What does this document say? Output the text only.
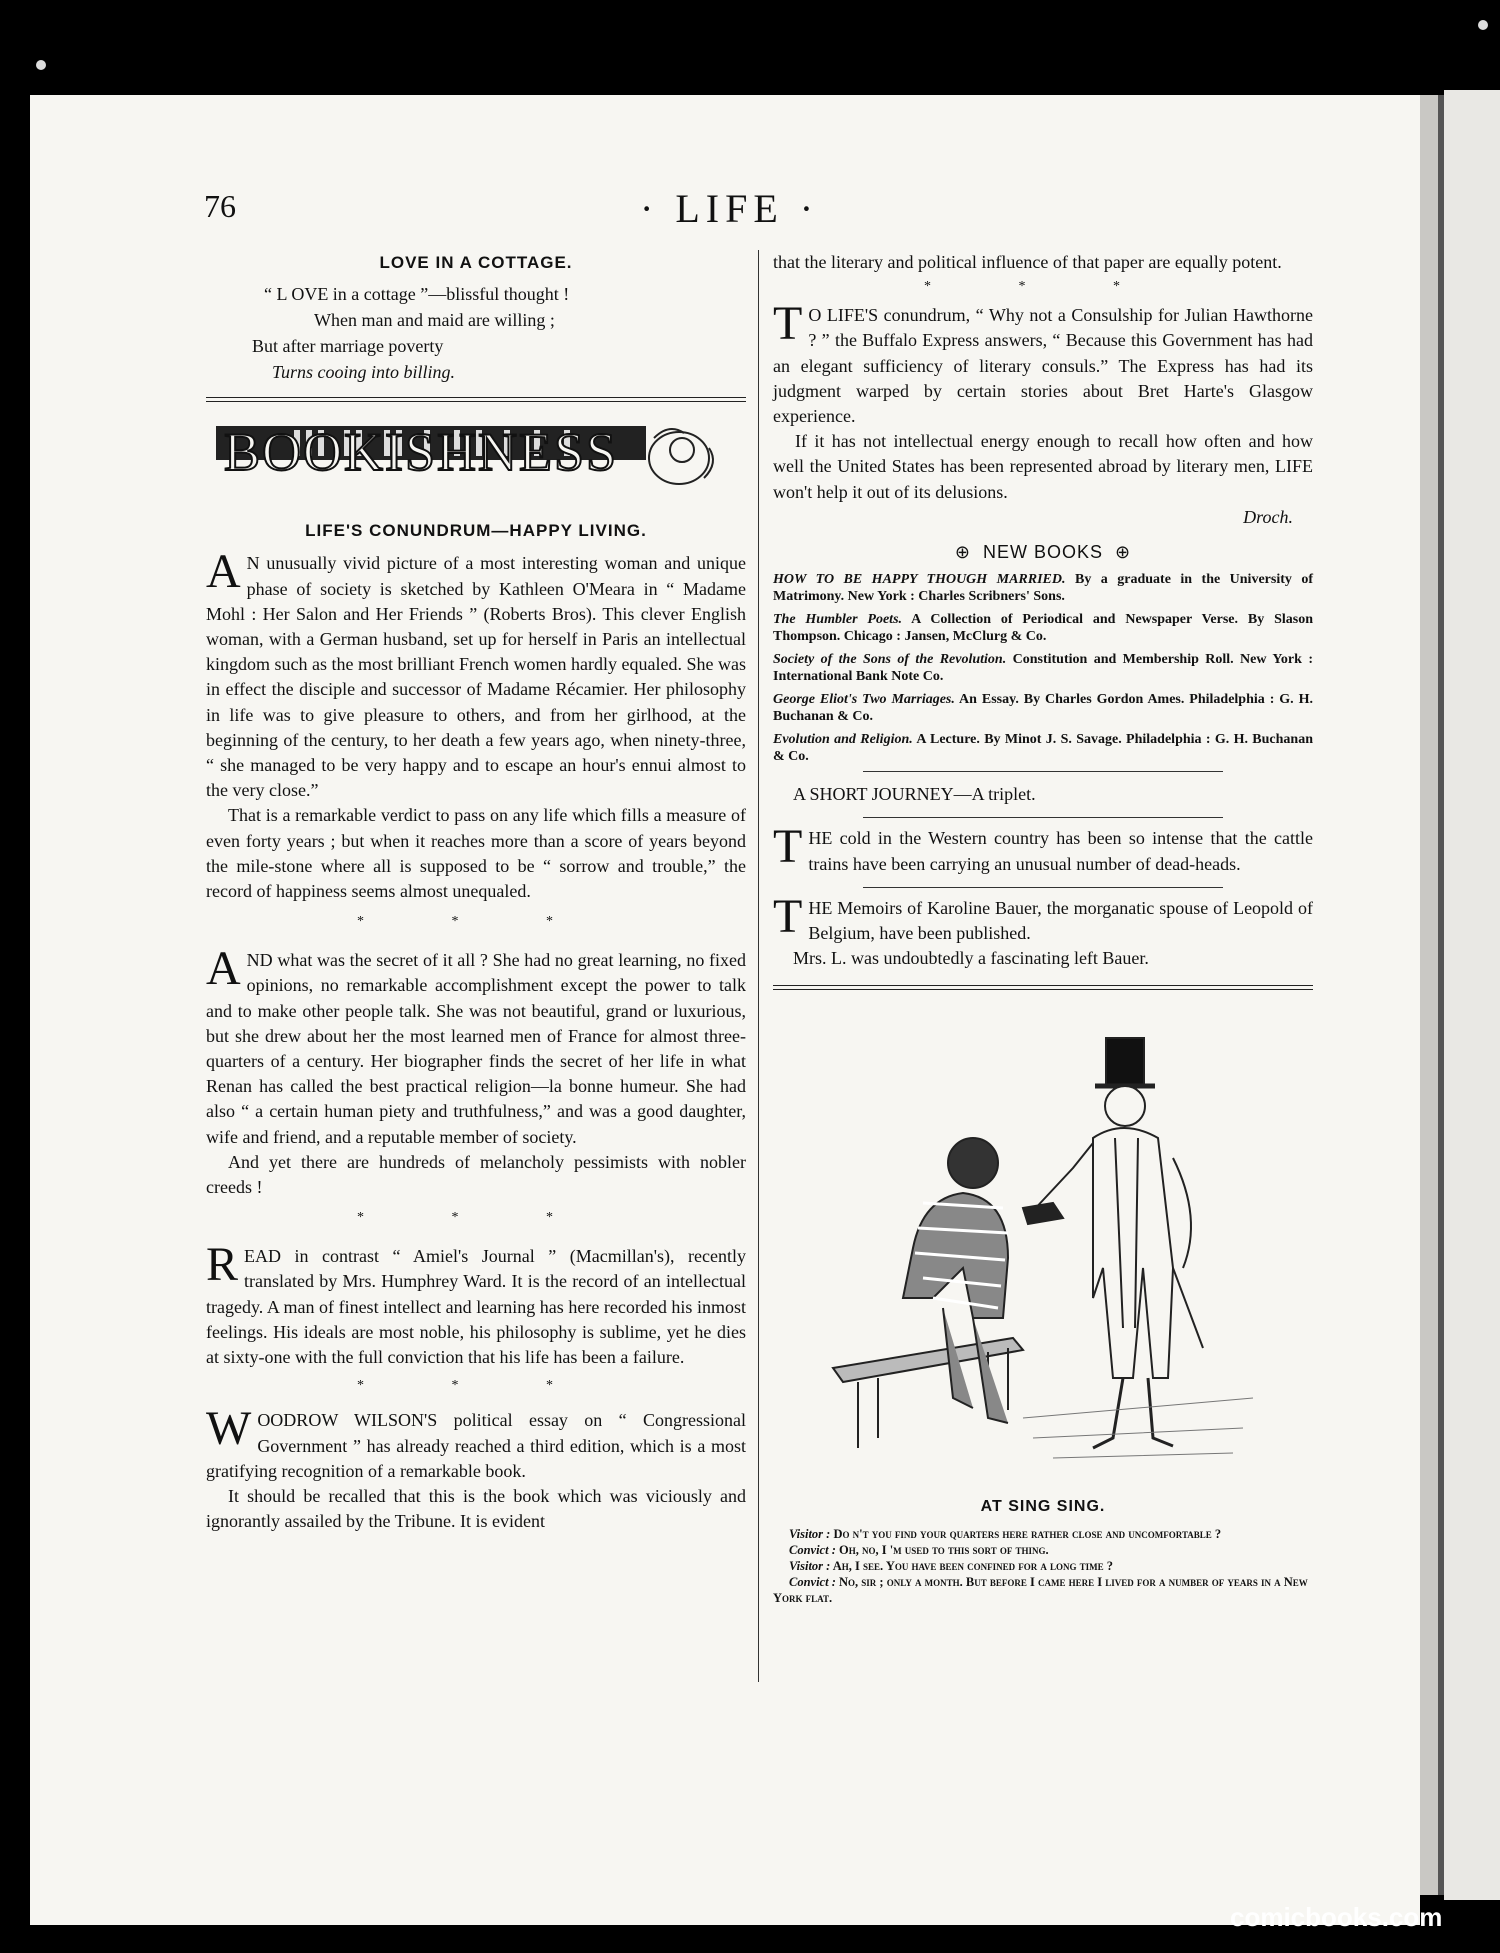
76	· LIFE ·
LOVE IN A COTTAGE.
“ L OVE in a cottage ”—blissful thought !
When man and maid are willing ;
But after marriage poverty
Turns cooing into billing.
BOOKISHNESS
LIFE'S CONUNDRUM—HAPPY LIVING.

A N unusually vivid picture of a most interesting woman and unique phase of society is sketched by Kathleen O'Meara in “ Madame Mohl : Her Salon and Her Friends ” (Roberts Bros). This clever English woman, with a German husband, set up for herself in Paris an intellectual kingdom such as the most brilliant French women hardly equaled. She was in effect the disciple and successor of Madame Récamier. Her philosophy in life was to give pleasure to others, and from her girlhood, at the beginning of the century, to her death a few years ago, when ninety-three, “ she managed to be very happy and to escape an hour's ennui almost to the very close.”

That is a remarkable verdict to pass on any life which fills a measure of even forty years ; but when it reaches more than a score of years beyond the mile-stone where all is supposed to be “ sorrow and trouble,” the record of happiness seems almost unequaled.

* * *

AND what was the secret of it all ? She had no great learning, no fixed opinions, no remarkable accomplishment except the power to talk and to make other people talk. She was not beautiful, grand or luxurious, but she drew about her the most learned men of France for almost three-quarters of a century. Her biographer finds the secret of her life in what Renan has called the best practical religion—la bonne humeur. She had also “ a certain human piety and truthfulness,” and was a good daughter, wife and friend, and a reputable member of society.

And yet there are hundreds of melancholy pessimists with nobler creeds !

* * *

READ in contrast “ Amiel's Journal ” (Macmillan's), recently translated by Mrs. Humphrey Ward. It is the record of an intellectual tragedy. A man of finest intellect and learning has here recorded his inmost feelings. His ideals are most noble, his philosophy is sublime, yet he dies at sixty-one with the full conviction that his life has been a failure.

* * *

WOODROW WILSON'S political essay on “ Congressional Government ” has already reached a third edition, which is a most gratifying recognition of a remarkable book.

It should be recalled that this is the book which was viciously and ignorantly assailed by the Tribune. It is evident

that the literary and political influence of that paper are equally potent.

* * *

T O LIFE'S conundrum, “ Why not a Consulship for Julian Hawthorne ? ” the Buffalo Express answers, “ Because this Government has had an elegant sufficiency of literary consuls.” The Express has had its judgment warped by certain stories about Bret Harte's Glasgow experience.

If it has not intellectual energy enough to recall how often and how well the United States has been represented abroad by literary men, LIFE won't help it out of its delusions.

Droch.
⊕ NEW BOOKS ⊕
HOW TO BE HAPPY THOUGH MARRIED. By a graduate in the University of Matrimony. New York : Charles Scribners' Sons.
The Humbler Poets. A Collection of Periodical and Newspaper Verse. By Slason Thompson. Chicago : Jansen, McClurg & Co.
Society of the Sons of the Revolution. Constitution and Membership Roll. New York : International Bank Note Co.
George Eliot's Two Marriages. An Essay. By Charles Gordon Ames. Philadelphia : G. H. Buchanan & Co.
Evolution and Religion. A Lecture. By Minot J. S. Savage. Philadelphia : G. H. Buchanan & Co.

A SHORT JOURNEY—A triplet.

THE cold in the Western country has been so intense that the cattle trains have been carrying an unusual number of dead-heads.

THE Memoirs of Karoline Bauer, the morganatic spouse of Leopold of Belgium, have been published.

Mrs. L. was undoubtedly a fascinating left Bauer.

AT SING SING.
Visitor : Do n't you find your quarters here rather close and uncomfortable ?
Convict : Oh, no, I 'm used to this sort of thing.
Visitor : Ah, I see. You have been confined for a long time ?
Convict : No, sir ; only a month. But before I came here I lived for a number of years in a New York flat.
comicbooks.com
